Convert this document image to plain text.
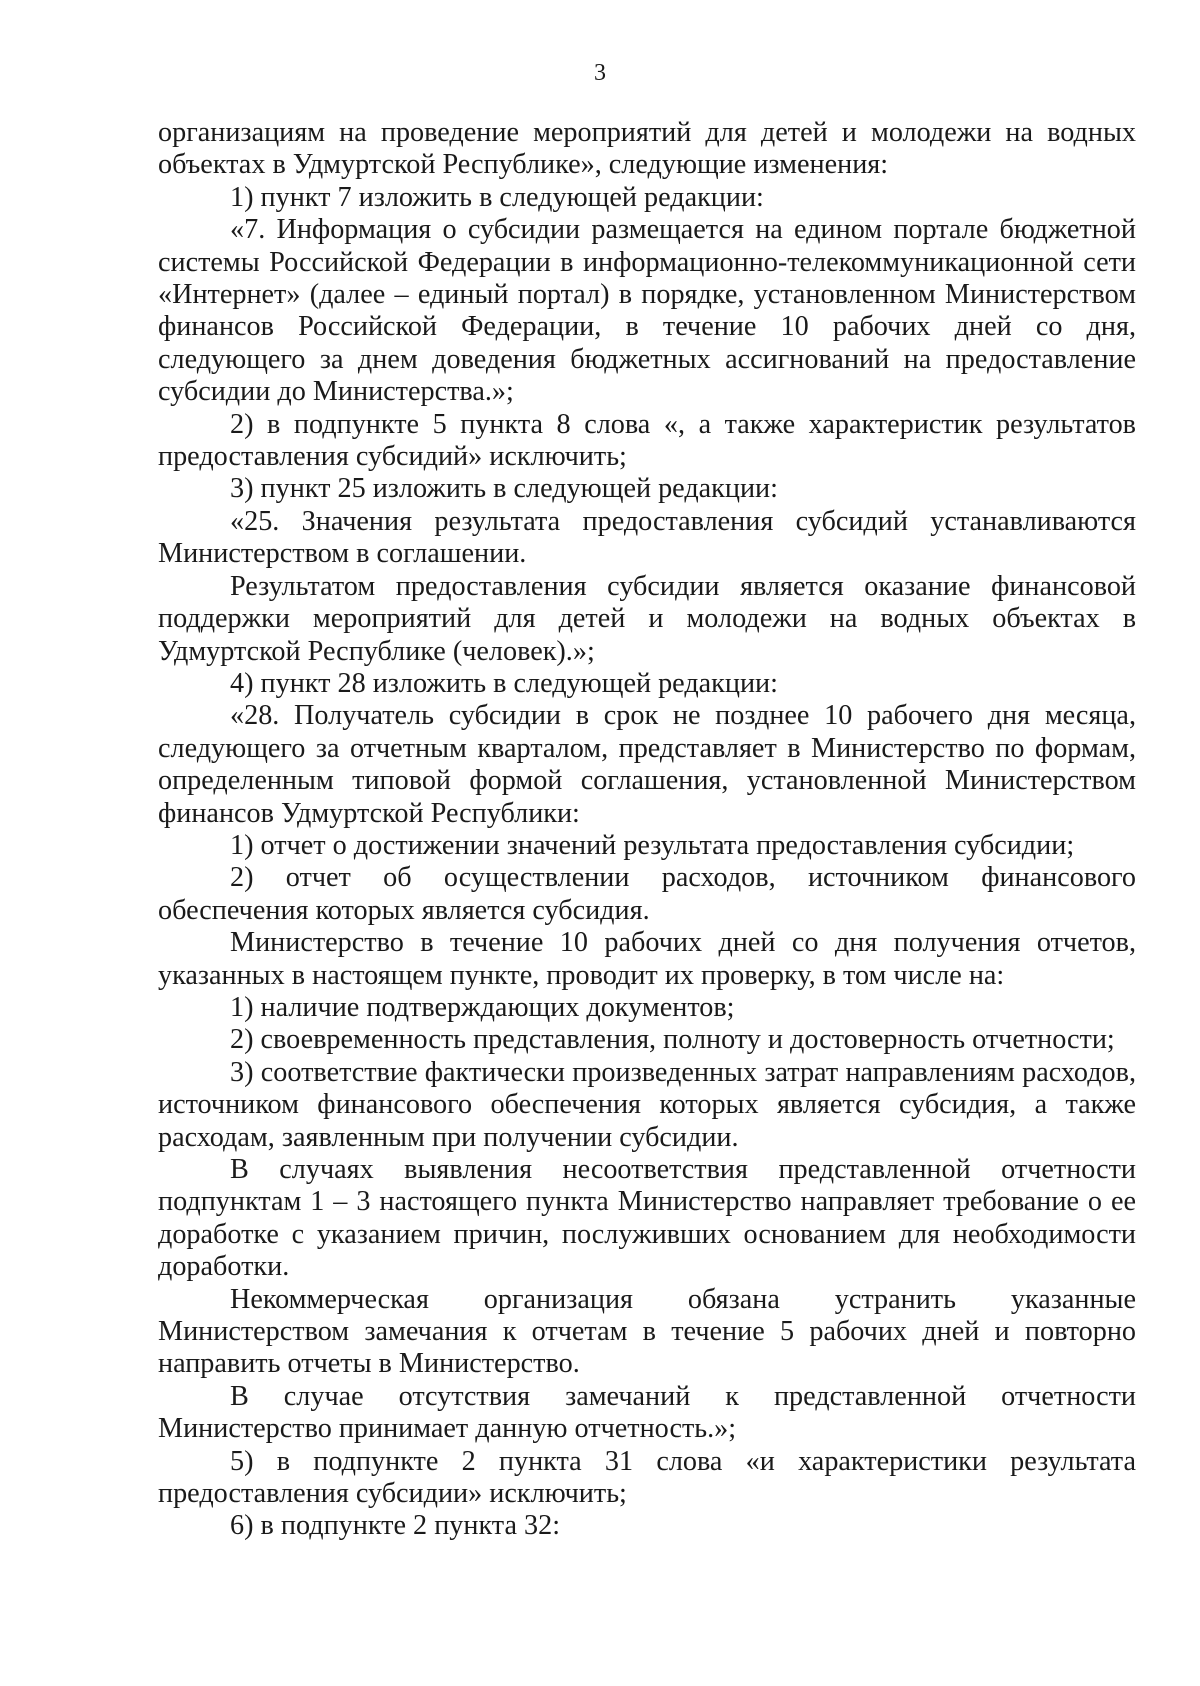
3

организациям на проведение мероприятий для детей и молодежи на водных объектах в Удмуртской Республике», следующие изменения:

1) пункт 7 изложить в следующей редакции:

«7. Информация о субсидии размещается на едином портале бюджетной системы Российской Федерации в информационно-телекоммуникационной сети «Интернет» (далее – единый портал) в порядке, установленном Министерством финансов Российской Федерации, в течение 10 рабочих дней со дня, следующего за днем доведения бюджетных ассигнований на предоставление субсидии до Министерства.»;

2) в подпункте 5 пункта 8 слова «, а также характеристик результатов предоставления субсидий» исключить;

3) пункт 25 изложить в следующей редакции:

«25. Значения результата предоставления субсидий устанавливаются Министерством в соглашении.

Результатом предоставления субсидии является оказание финансовой поддержки мероприятий для детей и молодежи на водных объектах в Удмуртской Республике (человек).»;

4) пункт 28 изложить в следующей редакции:

«28. Получатель субсидии в срок не позднее 10 рабочего дня месяца, следующего за отчетным кварталом, представляет в Министерство по формам, определенным типовой формой соглашения, установленной Министерством финансов Удмуртской Республики:

1) отчет о достижении значений результата предоставления субсидии;

2) отчет об осуществлении расходов, источником финансового обеспечения которых является субсидия.

Министерство в течение 10 рабочих дней со дня получения отчетов, указанных в настоящем пункте, проводит их проверку, в том числе на:

1) наличие подтверждающих документов;

2) своевременность представления, полноту и достоверность отчетности;

3) соответствие фактически произведенных затрат направлениям расходов, источником финансового обеспечения которых является субсидия, а также расходам, заявленным при получении субсидии.

В случаях выявления несоответствия представленной отчетности подпунктам 1 – 3 настоящего пункта Министерство направляет требование о ее доработке с указанием причин, послуживших основанием для необходимости доработки.

Некоммерческая организация обязана устранить указанные Министерством замечания к отчетам в течение 5 рабочих дней и повторно направить отчеты в Министерство.

В случае отсутствия замечаний к представленной отчетности Министерство принимает данную отчетность.»;

5) в подпункте 2 пункта 31 слова «и характеристики результата предоставления субсидии» исключить;

6) в подпункте 2 пункта 32:
